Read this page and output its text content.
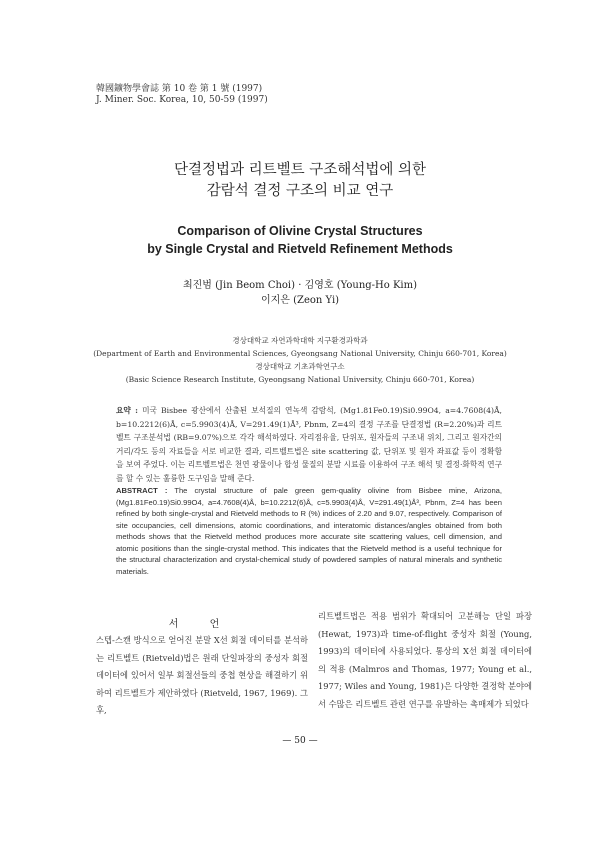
韓國鑛物學會誌 第 10 卷 第 1 號 (1997)
J. Miner. Soc. Korea, 10, 50-59 (1997)
단결정법과 리트벨트 구조해석법에 의한
감람석 결정 구조의 비교 연구
Comparison of Olivine Crystal Structures
by Single Crystal and Rietveld Refinement Methods
최진범 (Jin Beom Choi) · 김영호 (Young-Ho Kim)
이지은 (Zeon Yi)
경상대학교 자연과학대학 지구환경과학과
(Department of Earth and Environmental Sciences, Gyeongsang National University, Chinju 660-701, Korea)
경상대학교 기초과학연구소
(Basic Science Research Institute, Gyeongsang National University, Chinju 660-701, Korea)
요약 : 미국 Bisbee 광산에서 산출된 보석질의 연녹색 감람석, (Mg1.81Fe0.19)Si0.99O4, a=4.7608(4)Å, b=10.2212(6)Å, c=5.9903(4)Å, V=291.49(1)Å³, Pbnm, Z=4의 결정 구조를 단결정법 (R=2.20%)과 리트벨트 구조분석법 (RB=9.07%)으로 각각 해석하였다. 자리점유율, 단위포, 원자들의 구조내 위치, 그리고 원자간의 거리/각도 등의 자료들을 서로 비교한 결과, 리트벨트법은 site scattering 값, 단위포 및 원자 좌표값 등이 정확함을 보여 주었다. 이는 리트벨트법은 천연 광물이나 합성 물질의 분말 시료를 이용하여 구조 해석 및 결정·화학적 연구를 할 수 있는 훌륭한 도구임을 말해 준다.
ABSTRACT : The crystal structure of pale green gem-quality olivine from Bisbee mine, Arizona, (Mg1.81Fe0.19)Si0.99O4, a=4.7608(4)Å, b=10.2212(6)Å, c=5.9903(4)Å, V=291.49(1)Å³, Pbnm, Z=4 has been refined by both single-crystal and Rietveld methods to R (%) indices of 2.20 and 9.07, respectively. Comparison of site occupancies, cell dimensions, atomic coordinations, and interatomic distances/angles obtained from both methods shows that the Rietveld method produces more accurate site scattering values, cell dimension, and atomic positions than the single-crystal method. This indicates that the Rietveld method is a useful technique for the structural characterization and crystal-chemical study of powdered samples of natural minerals and synthetic materials.
서 언
스텝-스캔 방식으로 얻어진 분말 X선 회절 데이터를 분석하는 리트벨트 (Rietveld)법은 원래 단일파장의 중성자 회절 데이터에 있어서 일부 회절선들의 중첩 현상을 해결하기 위하여 리트벨트가 제안하였다 (Rietveld, 1967, 1969). 그 후,
리트벨트법은 적용 범위가 확대되어 고분해능 단일 파장 (Hewat, 1973)과 time-of-flight 중성자 회절 (Young, 1993)의 데이터에 사용되었다. 통상의 X선 회절 데이터에의 적용 (Malmros and Thomas, 1977; Young et al., 1977; Wiles and Young, 1981)은 다양한 결정학 분야에서 수많은 리트벨트 관련 연구를 유발하는 촉매제가 되었다
— 50 —
